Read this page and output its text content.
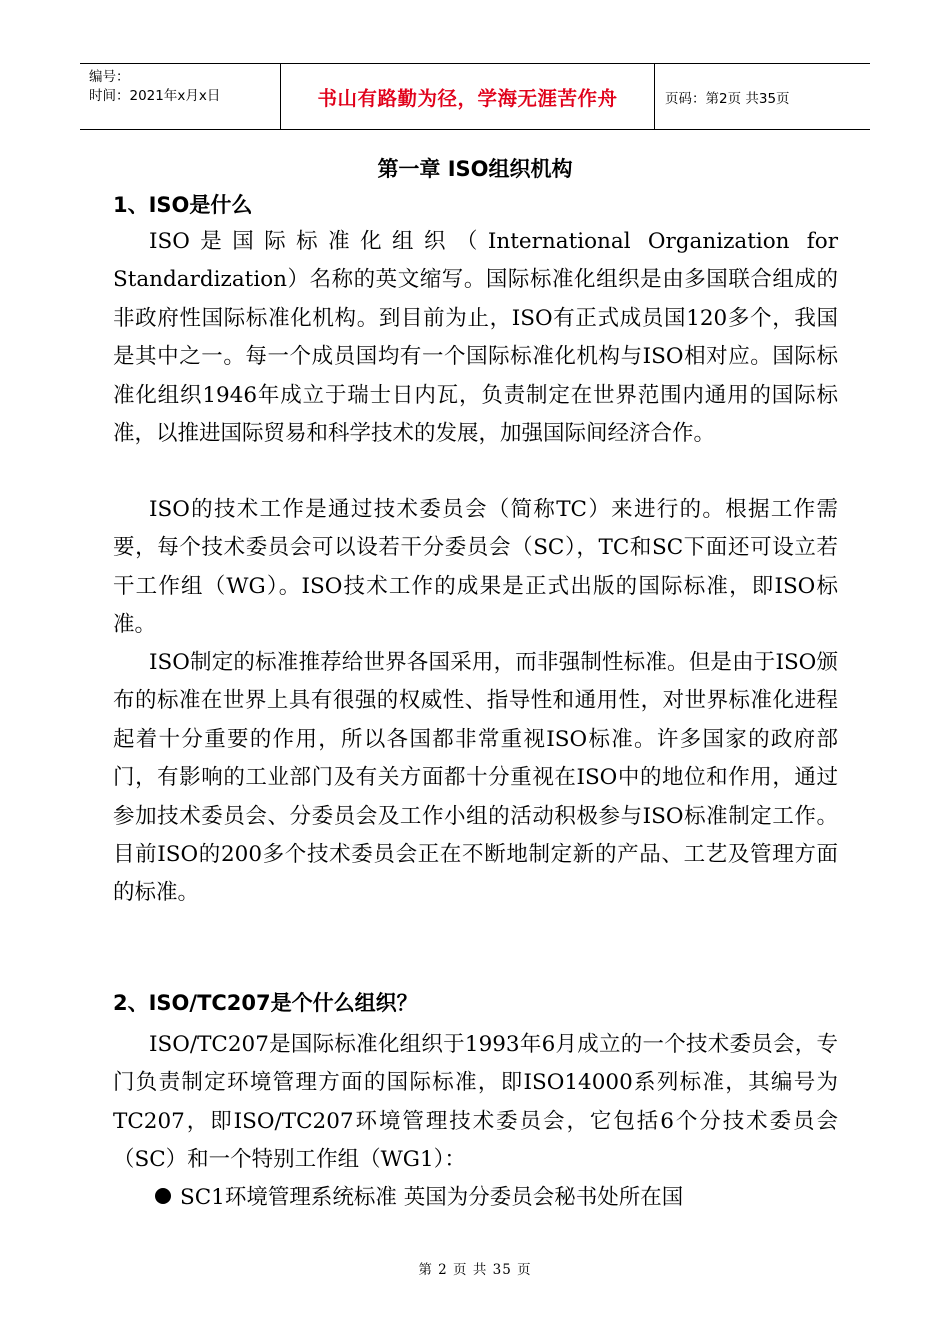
编号：
时间：2021年x月x日	书山有路勤为径，学海无涯苦作舟	页码：第2页 共35页
第一章 ISO组织机构
1、ISO是什么

ISO是国际标准化组织（International Organization for Standardization）名称的英文缩写。国际标准化组织是由多国联合组成的非政府性国际标准化机构。到目前为止，ISO有正式成员国120多个，我国是其中之一。每一个成员国均有一个国际标准化机构与ISO相对应。国际标准化组织1946年成立于瑞士日内瓦，负责制定在世界范围内通用的国际标准，以推进国际贸易和科学技术的发展，加强国际间经济合作。

ISO的技术工作是通过技术委员会（简称TC）来进行的。根据工作需要，每个技术委员会可以设若干分委员会（SC），TC和SC下面还可设立若干工作组（WG）。ISO技术工作的成果是正式出版的国际标准，即ISO标准。

ISO制定的标准推荐给世界各国采用，而非强制性标准。但是由于ISO颁布的标准在世界上具有很强的权威性、指导性和通用性，对世界标准化进程起着十分重要的作用，所以各国都非常重视ISO标准。许多国家的政府部门，有影响的工业部门及有关方面都十分重视在ISO中的地位和作用，通过参加技术委员会、分委员会及工作小组的活动积极参与ISO标准制定工作。目前ISO的200多个技术委员会正在不断地制定新的产品、工艺及管理方面的标准。

2、ISO/TC207是个什么组织？

ISO/TC207是国际标准化组织于1993年6月成立的一个技术委员会，专门负责制定环境管理方面的国际标准，即ISO14000系列标准，其编号为TC207，即ISO/TC207环境管理技术委员会，它包括6个分技术委员会（SC）和一个特别工作组（WG1）：

SC1环境管理系统标准 英国为分委员会秘书处所在国
第 2 页 共 35 页
